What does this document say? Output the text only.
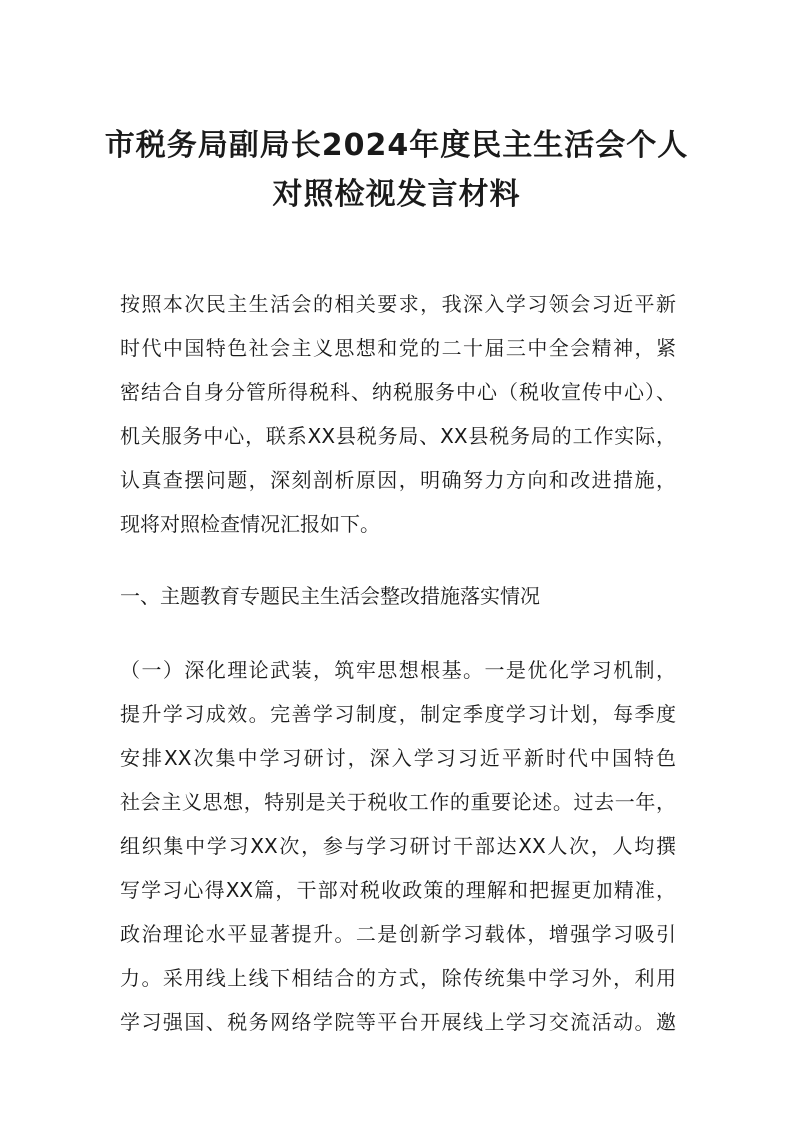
市税务局副局长2024年度民主生活会个人
对照检视发言材料
按照本次民主生活会的相关要求，我深入学习领会习近平新
时代中国特色社会主义思想和党的二十届三中全会精神，紧
密结合自身分管所得税科、纳税服务中心（税收宣传中心）、
机关服务中心，联系XX县税务局、XX县税务局的工作实际，
认真查摆问题，深刻剖析原因，明确努力方向和改进措施，
现将对照检查情况汇报如下。
一、主题教育专题民主生活会整改措施落实情况
（一）深化理论武装，筑牢思想根基。一是优化学习机制，
提升学习成效。完善学习制度，制定季度学习计划，每季度
安排XX次集中学习研讨，深入学习习近平新时代中国特色
社会主义思想，特别是关于税收工作的重要论述。过去一年，
组织集中学习XX次，参与学习研讨干部达XX人次，人均撰
写学习心得XX篇，干部对税收政策的理解和把握更加精准，
政治理论水平显著提升。二是创新学习载体，增强学习吸引
力。采用线上线下相结合的方式，除传统集中学习外，利用
学习强国、税务网络学院等平台开展线上学习交流活动。邀
